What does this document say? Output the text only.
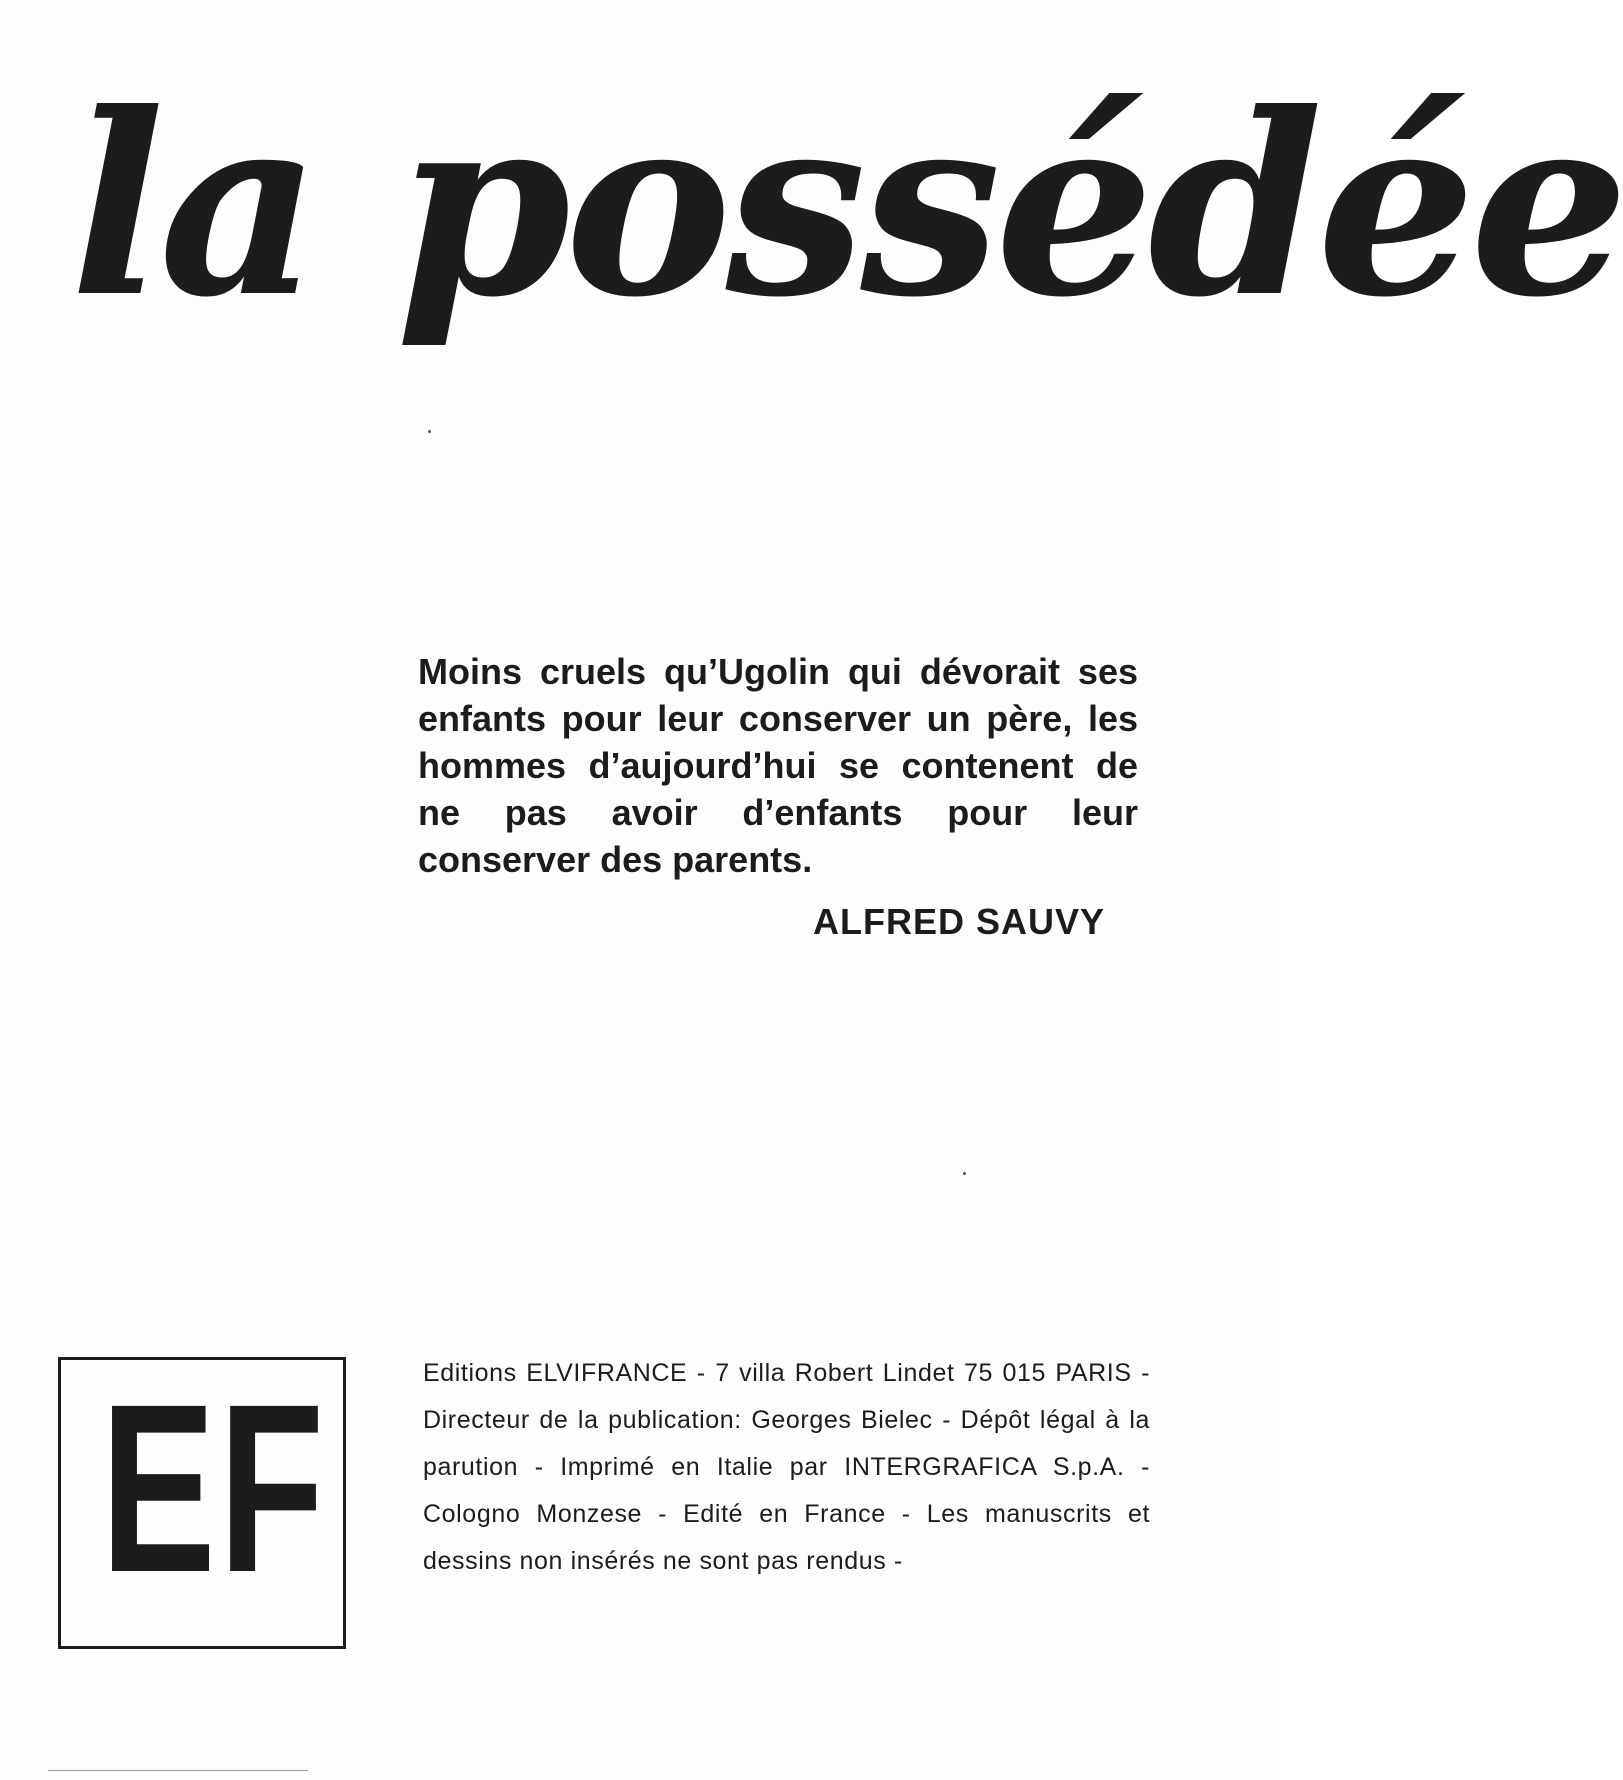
la possédée

Moins cruels qu’Ugolin qui dévorait ses enfants pour leur conserver un père, les hommes d’aujourd’hui se contenent de ne pas avoir d’enfants pour leur conserver des parents.

ALFRED SAUVY

EF	Editions ELVIFRANCE - 7 villa Robert Lindet 75 015 PARIS - Directeur de la publication: Georges Bielec - Dépôt légal à la parution - Imprimé en Italie par INTERGRAFICA S.p.A. - Cologno Monzese - Edité en France - Les manuscrits et dessins non insérés ne sont pas rendus -
